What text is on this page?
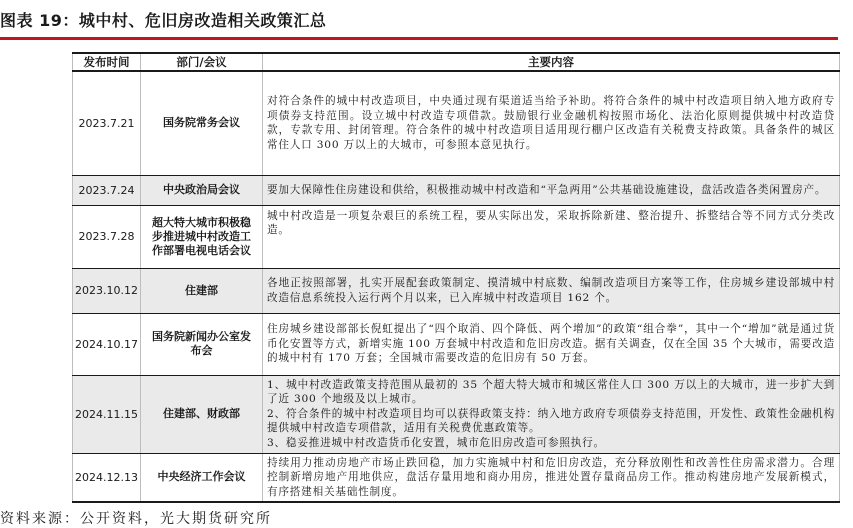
图表 19：城中村、危旧房改造相关政策汇总
发布时间	部门/会议	主要内容
2023.7.21	国务院常务会议	对符合条件的城中村改造项目，中央通过现有渠道适当给予补助。将符合条件的城中村改造项目纳入地方政府专项债券支持范围。设立城中村改造专项借款。鼓励银行业金融机构按照市场化、法治化原则提供城中村改造贷款，专款专用、封闭管理。符合条件的城中村改造项目适用现行棚户区改造有关税费支持政策。具备条件的城区常住人口 300 万以上的大城市，可参照本意见执行。

2023.7.24	中央政治局会议	要加大保障性住房建设和供给，积极推动城中村改造和“平急两用”公共基础设施建设，盘活改造各类闲置房产。

2023.7.28	超大特大城市积极稳步推进城中村改造工作部署电视电话会议	城中村改造是一项复杂艰巨的系统工程，要从实际出发，采取拆除新建、整治提升、拆整结合等不同方式分类改造。

2023.10.12	住建部	各地正按照部署，扎实开展配套政策制定、摸清城中村底数、编制改造项目方案等工作，住房城乡建设部城中村改造信息系统投入运行两个月以来，已入库城中村改造项目 162 个。

2024.10.17	国务院新闻办公室发布会	住房城乡建设部部长倪虹提出了“四个取消、四个降低、两个增加”的政策“组合拳”，其中一个“增加”就是通过货币化安置等方式，新增实施 100 万套城中村改造和危旧房改造。据有关调查，仅在全国 35 个大城市，需要改造的城中村有 170 万套；全国城市需要改造的危旧房有 50 万套。

2024.11.15	住建部、财政部	1、城中村改造政策支持范围从最初的 35 个超大特大城市和城区常住人口 300 万以上的大城市，进一步扩大到了近 300 个地级及以上城市。

2、符合条件的城中村改造项目均可以获得政策支持：纳入地方政府专项债券支持范围，开发性、政策性金融机构提供城中村改造专项借款，适用有关税费优惠政策等。

3、稳妥推进城中村改造货币化安置，城市危旧房改造可参照执行。

2024.12.13	中央经济工作会议	持续用力推动房地产市场止跌回稳，加力实施城中村和危旧房改造，充分释放刚性和改善性住房需求潜力。合理控制新增房地产用地供应，盘活存量用地和商办用房，推进处置存量商品房工作。推动构建房地产发展新模式，有序搭建相关基础性制度。

资料来源：公开资料，光大期货研究所
